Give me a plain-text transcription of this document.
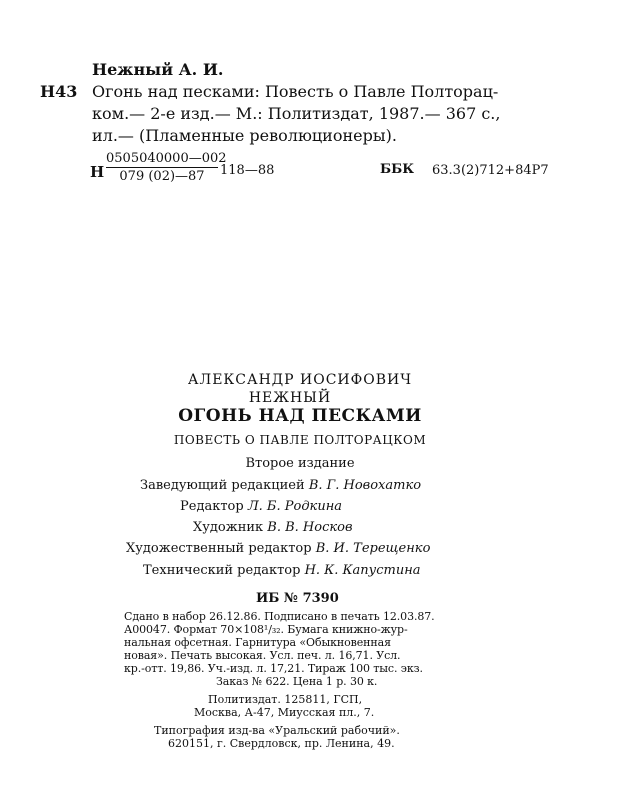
Нежный А. И.
Н43 Огонь над песками: Повесть о Павле Полторац-
ком.— 2-е изд.— М.: Политиздат, 1987.— 367 с.,
ил.— (Пламенные революционеры).
Н
0505040000—002
079 (02)—87	118—88	ББК 63.3(2)712+84Р7
АЛЕКСАНДР ИОСИФОВИЧ
НЕЖНЫЙ
ОГОНЬ НАД ПЕСКАМИ
ПОВЕСТЬ О ПАВЛЕ ПОЛТОРАЦКОМ
Второе издание
Заведующий редакцией В. Г. Новохатко
Редактор Л. Б. Родкина
Художник В. В. Носков
Художественный редактор В. И. Терещенко
Технический редактор Н. К. Капустина
ИБ № 7390
Сдано в набор 26.12.86. Подписано в печать 12.03.87.
А00047. Формат 70×108¹/₃₂. Бумага книжно-жур-
нальная офсетная. Гарнитура «Обыкновенная
новая». Печать высокая. Усл. печ. л. 16,71. Усл.
кр.-отт. 19,86. Уч.-изд. л. 17,21. Тираж 100 тыс. экз.
Заказ № 622. Цена 1 р. 30 к.
Политиздат. 125811, ГСП,
Москва, А-47, Миусская пл., 7.
Типография изд-ва «Уральский рабочий».
620151, г. Свердловск, пр. Ленина, 49.
